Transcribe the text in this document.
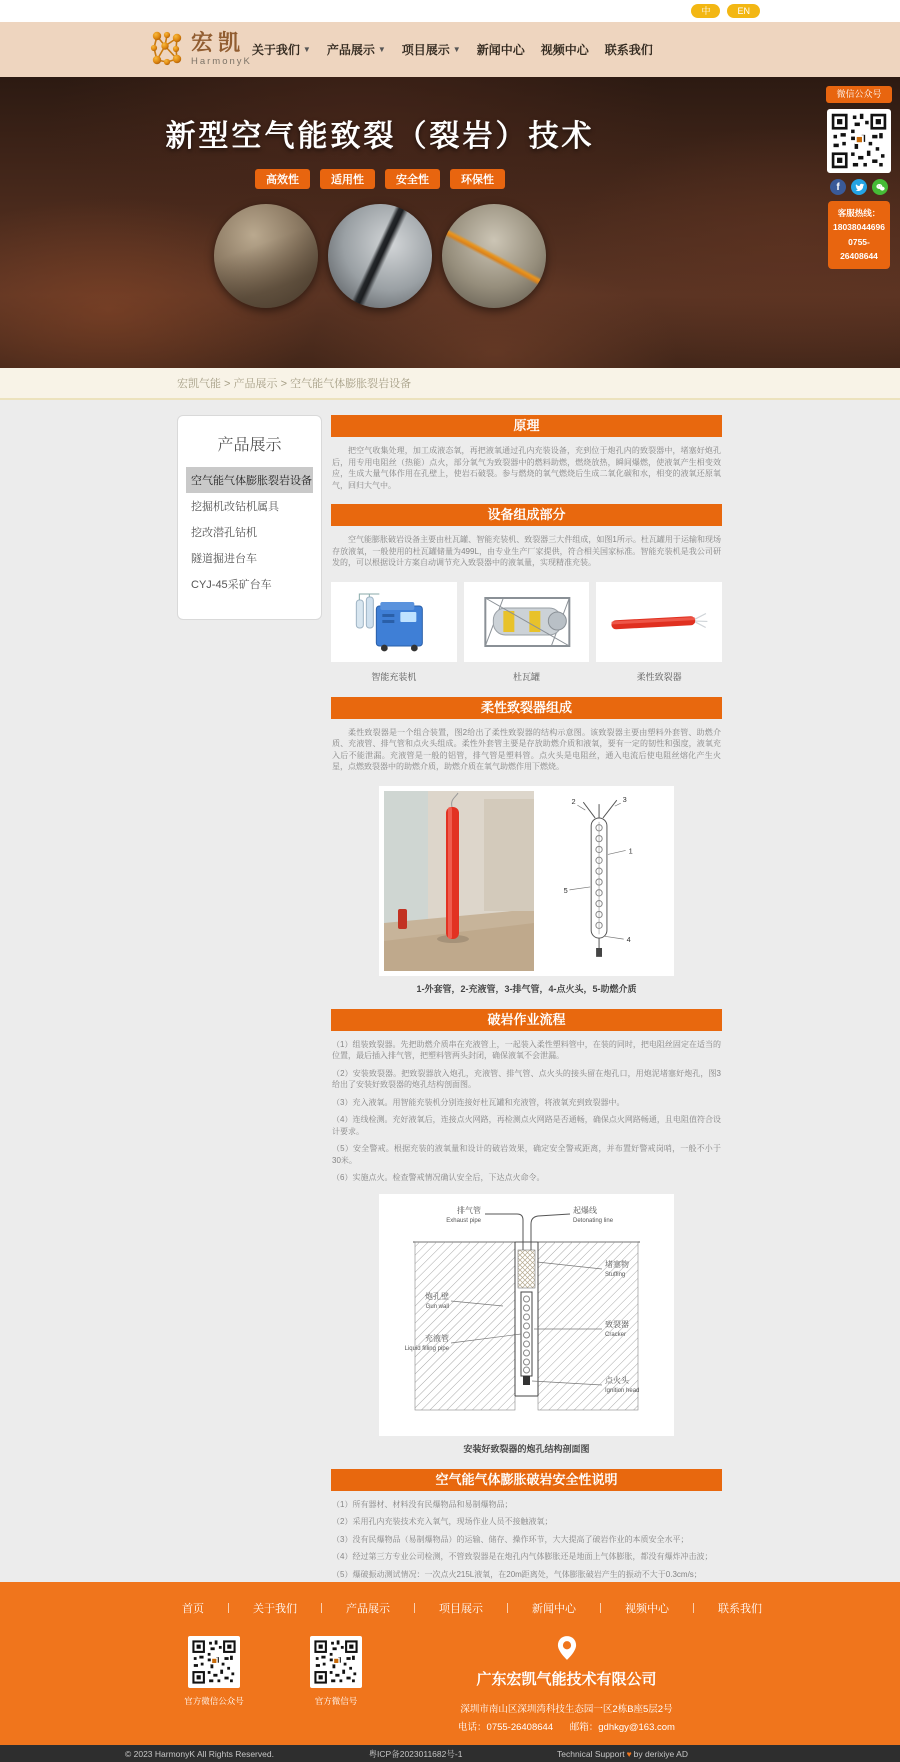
中	EN
宏凯
HarmonyK
关于我们 ▼ 产品展示 ▼ 项目展示 ▼ 新闻中心 视频中心 联系我们
新型空气能致裂（裂岩）技术
高效性	适用性	安全性	环保性
微信公众号
f
客服热线：
18038044696
0755-26408644
宏凯气能 > 产品展示 > 空气能气体膨胀裂岩设备
产品展示
空气能气体膨胀裂岩设备
挖掘机改钻机属具
挖改潜孔钻机
隧道掘进台车
CYJ-45采矿台车
原理

把空气收集处理，加工成液态氧，再把液氧通过孔内充装设备，充到位于炮孔内的致裂器中，堵塞好炮孔后，用专用电阻丝（热能）点火，部分氧气为致裂器中的燃料助燃，燃烧放热，瞬间爆燃，使液氧产生相变效应，生成大量气体作用在孔壁上，使岩石破裂。参与燃烧的氧气燃烧后生成二氧化碳和水，相变的液氧还原氧气，回归大气中。

设备组成部分

空气能膨胀破岩设备主要由杜瓦罐、智能充装机、致裂器三大件组成，如图1所示。杜瓦罐用于运输和现场存放液氧，一般使用的杜瓦罐储量为499L，由专业生产厂家提供，符合相关国家标准。智能充装机是我公司研发的，可以根据设计方案自动调节充入致裂器中的液氧量，实现精准充装。

智能充装机	杜瓦罐	柔性致裂器
柔性致裂器组成

柔性致裂器是一个组合装置，图2给出了柔性致裂器的结构示意图。该致裂器主要由塑料外套管、助燃介质、充液管、排气管和点火头组成。柔性外套管主要是存放助燃介质和液氧，要有一定的韧性和强度，液氧充入后不能泄漏。充液管是一般的铝管，排气管是塑料管。点火头是电阻丝，通入电流后使电阻丝熔化产生火星，点燃致裂器中的助燃介质，助燃介质在氧气助燃作用下燃烧。

1
2	3
4
5
1-外套管，2-充液管，3-排气管，4-点火头，5-助燃介质
破岩作业流程

（1）组装致裂器。先把助燃介质串在充液管上，一起装入柔性塑料管中，在装的同时，把电阻丝固定在适当的位置，最后插入排气管，把塑料管两头封闭，确保液氧不会泄漏。

（2）安装致裂器。把致裂器放入炮孔，充液管、排气管、点火头的接头留在炮孔口，用炮泥堵塞好炮孔，图3给出了安装好致裂器的炮孔结构剖面图。

（3）充入液氧。用智能充装机分别连接好杜瓦罐和充液管，将液氧充到致裂器中。

（4）连线检测。充好液氧后，连接点火网路，再检测点火网路是否通畅，确保点火网路畅通，且电阻值符合设计要求。

（5）安全警戒。根据充装的液氧量和设计的破岩效果，确定安全警戒距离，并布置好警戒岗哨，一般不小于30米。

（6）实施点火。检查警戒情况确认安全后，下达点火命令。

排气管
Exhaust pipe
起爆线
Detonating line
炮孔壁
Gun wall
充液管
Liquid filling pipe
堵塞物
Stuffing
致裂器
Cracker
点火头
Ignition head
安装好致裂器的炮孔结构剖面图
空气能气体膨胀破岩安全性说明

（1）所有器材、材料没有民爆物品和易制爆物品；

（2）采用孔内充装技术充入氧气，现场作业人员不接触液氧；

（3）没有民爆物品（易制爆物品）的运输、储存、操作环节，大大提高了破岩作业的本质安全水平；

（4）经过第三方专业公司检测，不管致裂器是在炮孔内气体膨胀还是地面上气体膨胀，都没有爆炸冲击波；

（5）爆破振动测试情况：一次点火215L液氧，在20m距离处，气体膨胀破岩产生的振动不大于0.3cm/s；

首页	关于我们	产品展示	项目展示	新闻中心	视频中心	联系我们
官方微信公众号	官方微信号
广东宏凯气能技术有限公司
深圳市南山区深圳湾科技生态园一区2栋B座5层2号
电话：0755-26408644 邮箱：gdhkgy@163.com
© 2023 HarmonyK All Rights Reserved.	粤ICP备2023011682号-1	Technical Support ♥ by derixiye AD
